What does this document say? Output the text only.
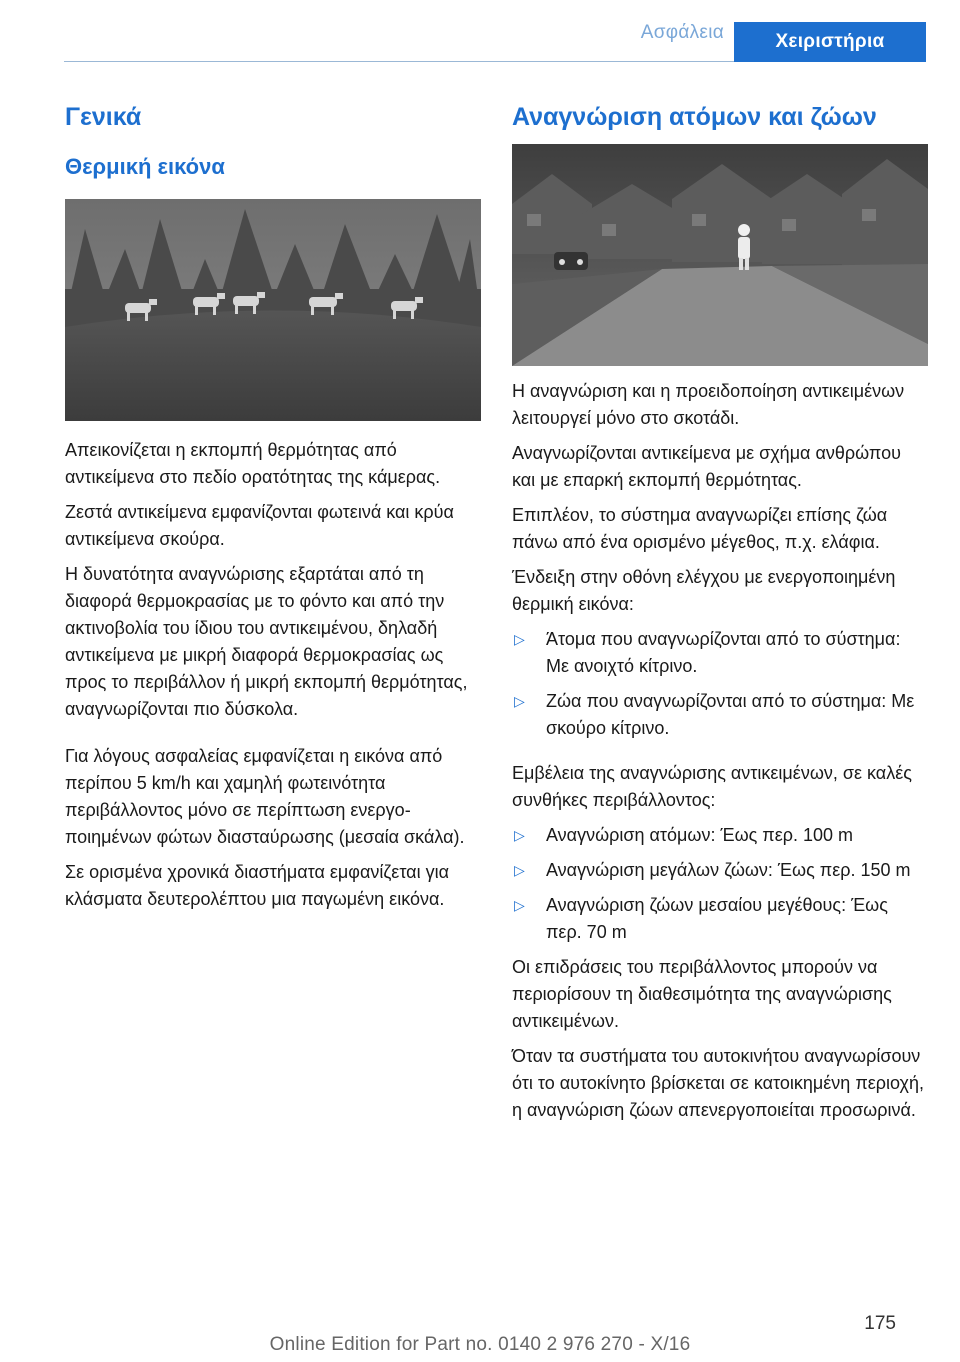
Ασφάλεια	Χειριστήρια
Γενικά
Θερμική εικόνα

Απεικονίζεται η εκπομπή θερμότητας από αντικείμενα στο πεδίο ορατότητας της κάμερας.

Ζεστά αντικείμενα εμφανίζονται φωτεινά και κρύα αντικείμενα σκούρα.

Η δυνατότητα αναγνώρισης εξαρτάται από τη διαφορά θερμοκρασίας με το φόντο και από την ακτινοβολία του ίδιου του αντικειμένου, δηλαδή αντικείμενα με μικρή διαφορά θερμοκρασίας ως προς το περιβάλλον ή μικρή εκπομπή θερμότητας, αναγνωρίζονται πιο δύσκολα.

Για λόγους ασφαλείας εμφανίζεται η εικόνα από περίπου 5 km/h και χαμηλή φωτεινότητα περιβάλλοντος μόνο σε περίπτωση ενεργοποιημένων φώτων διασταύρωσης (μεσαία σκάλα).

Σε ορισμένα χρονικά διαστήματα εμφανίζεται για κλάσματα δευτερολέπτου μια παγωμένη εικόνα.

Αναγνώριση ατόμων και ζώων

Η αναγνώριση και η προειδοποίηση αντικειμένων λειτουργεί μόνο στο σκοτάδι.

Αναγνωρίζονται αντικείμενα με σχήμα ανθρώπου και με επαρκή εκπομπή θερμότητας.

Επιπλέον, το σύστημα αναγνωρίζει επίσης ζώα πάνω από ένα ορισμένο μέγεθος, π.χ. ελάφια.

Ένδειξη στην οθόνη ελέγχου με ενεργοποιημένη θερμική εικόνα:

▷ Άτομα που αναγνωρίζονται από το σύστημα: Με ανοιχτό κίτρινο.
▷ Ζώα που αναγνωρίζονται από το σύστημα: Με σκούρο κίτρινο.

Εμβέλεια της αναγνώρισης αντικειμένων, σε καλές συνθήκες περιβάλλοντος:

▷ Αναγνώριση ατόμων: Έως περ. 100 m
▷ Αναγνώριση μεγάλων ζώων: Έως περ. 150 m
▷ Αναγνώριση ζώων μεσαίου μεγέθους: Έως περ. 70 m

Οι επιδράσεις του περιβάλλοντος μπορούν να περιορίσουν τη διαθεσιμότητα της αναγνώρισης αντικειμένων.

Όταν τα συστήματα του αυτοκινήτου αναγνωρίσουν ότι το αυτοκίνητο βρίσκεται σε κατοικημένη περιοχή, η αναγνώριση ζώων απενεργοποιείται προσωρινά.

175
Online Edition for Part no. 0140 2 976 270 - X/16
